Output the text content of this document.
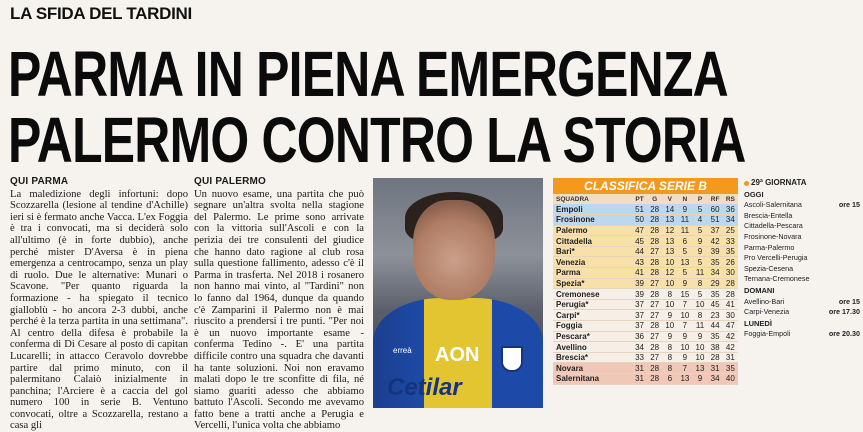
LA SFIDA DEL TARDINI
PARMA IN PIENA EMERGENZA
PALERMO CONTRO LA STORIA
QUI PARMA
La maledizione degli infortuni: dopo Scozzarella (lesione al tendine d'Achille) ieri si è fermato anche Vacca. L'ex Foggia è tra i convocati, ma si deciderà solo all'ultimo (è in forte dubbio), anche perché mister D'Aversa è in piena emergenza a centrocampo, senza un play di ruolo. Due le alternative: Munari o Scavone. "Per quanto riguarda la formazione - ha spiegato il tecnico gialloblù - ho ancora 2-3 dubbi, anche perché è la terza partita in una settimana". Al centro della difesa è probabile la conferma di Di Cesare al posto di capitan Lucarelli; in attacco Ceravolo dovrebbe partire dal primo minuto, con il palermitano Calaiò inizialmente in panchina; l'Arciere è a caccia del gol numero 100 in serie B. Ventuno convocati, oltre a Scozzarella, restano a casa gli
QUI PALERMO
Un nuovo esame, una partita che può segnare un'altra svolta nella stagione del Palermo. Le prime sono arrivate con la vittoria sull'Ascoli e con la perizia dei tre consulenti del giudice che hanno dato ragione al club rosa sulla questione fallimento, adesso c'è il Parma in trasferta. Nel 2018 i rosanero non hanno mai vinto, al "Tardini" non lo fanno dal 1964, dunque da quando c'è Zamparini il Palermo non è mai riuscito a prendersi i tre punti. "Per noi è un nuovo importante esame - conferma Tedino -. E' una partita difficile contro una squadra che davanti ha tante soluzioni. Noi non eravamo malati dopo le tre sconfitte di fila, né siamo guariti adesso che abbiamo battuto l'Ascoli. Secondo me avevamo fatto bene a tratti anche a Perugia e Vercelli, l'unica volta che abbiamo
erreà AON
Cetilar
CLASSIFICA SERIE B
SQUADRA	PT	G	V	N	P	RF	RS
Empoli	51	28	14	9	5	60	36
Frosinone	50	28	13	11	4	51	34
Palermo	47	28	12	11	5	37	25
Cittadella	45	28	13	6	9	42	33
Bari*	44	27	13	5	9	39	35
Venezia	43	28	10	13	5	35	26
Parma	41	28	12	5	11	34	30
Spezia*	39	27	10	9	8	29	28
Cremonese	39	28	8	15	5	35	28
Perugia*	37	27	10	7	10	45	41
Carpi*	37	27	9	10	8	23	30
Foggia	37	28	10	7	11	44	47
Pescara*	36	27	9	9	9	35	42
Avellino	34	28	8	10	10	38	42
Brescia*	33	27	8	9	10	28	31
Novara	31	28	8	7	13	31	35
Salernitana	31	28	6	13	9	34	40
29ª GIORNATA
OGGI
Ascoli-Salernitana	ore 15
Brescia-Entella
Cittadella-Pescara
Frosinone-Novara
Parma-Palermo
Pro Vercelli-Perugia
Spezia-Cesena
Ternana-Cremonese
DOMANI
Avellino-Bari	ore 15
Carpi-Venezia	ore 17.30
LUNEDÌ
Foggia-Empoli	ore 20.30
